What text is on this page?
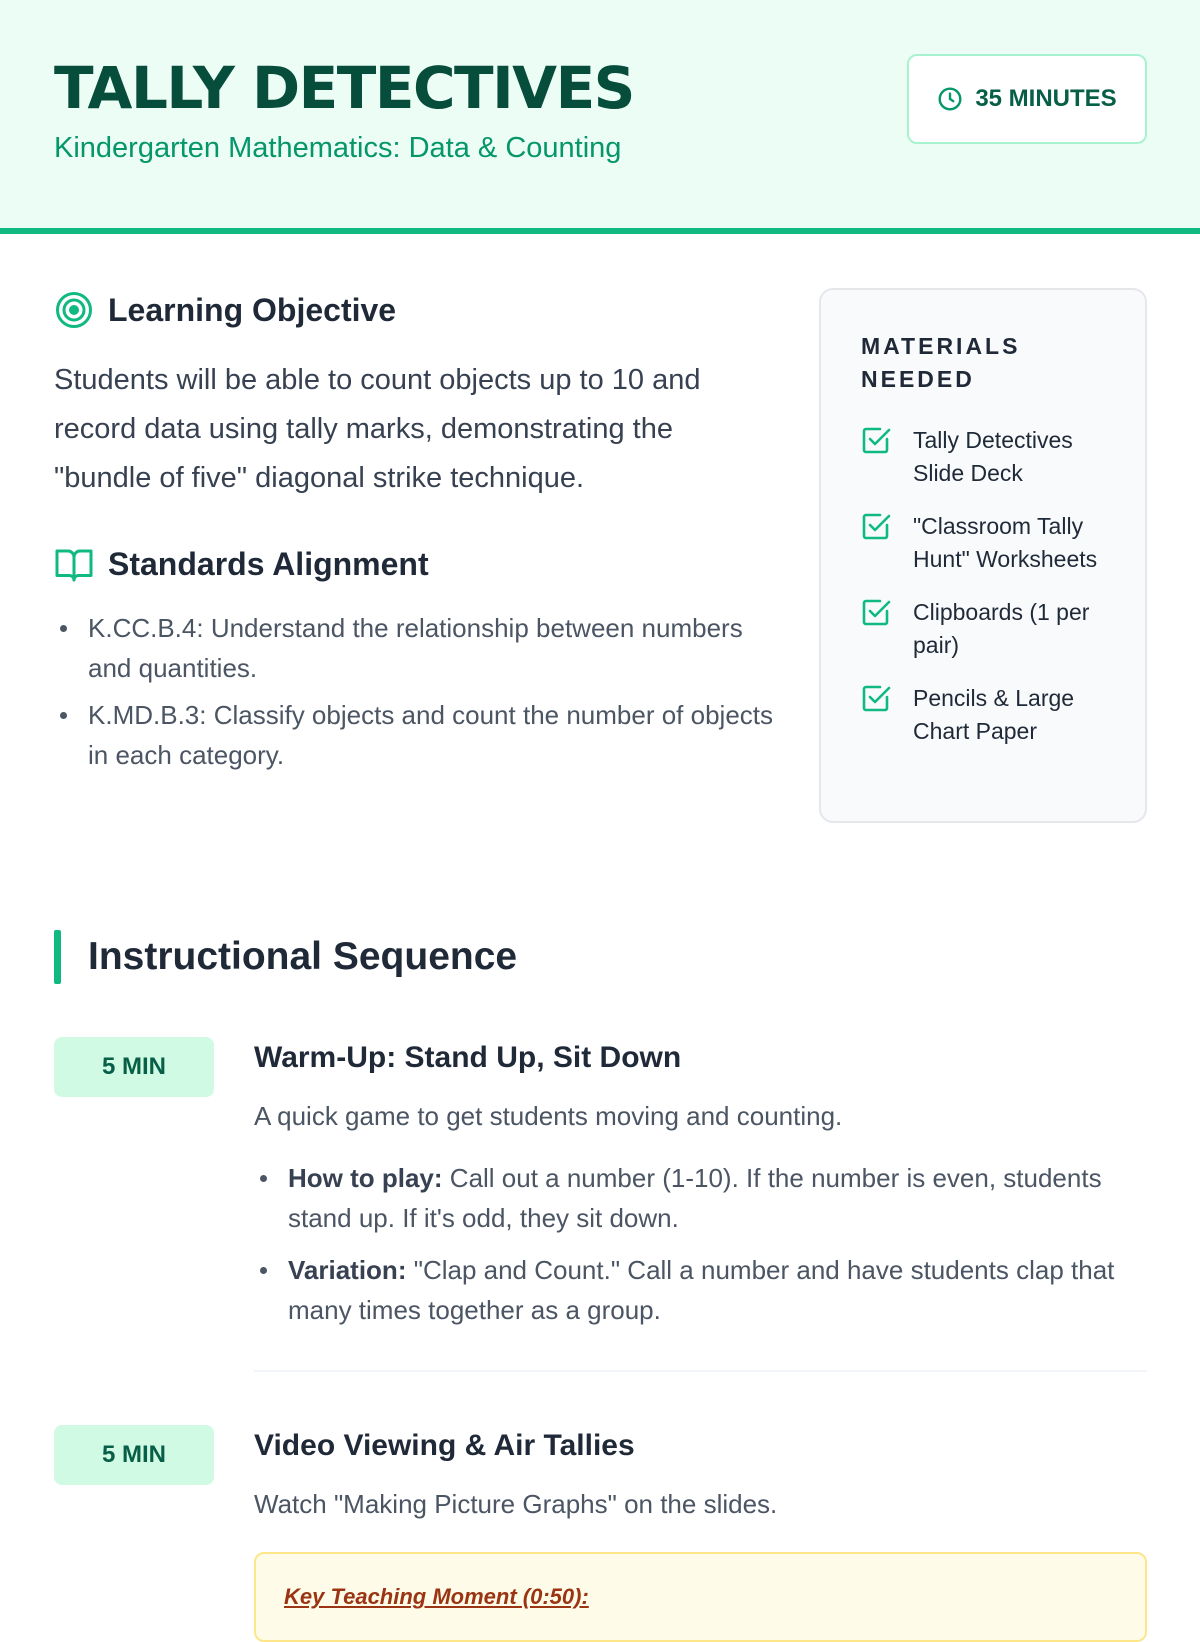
TALLY DETECTIVES
Kindergarten Mathematics: Data & Counting
35 MINUTES
Learning Objective
Students will be able to count objects up to 10 and record data using tally marks, demonstrating the "bundle of five" diagonal strike technique.
Standards Alignment
K.CC.B.4: Understand the relationship between numbers and quantities.
K.MD.B.3: Classify objects and count the number of objects in each category.
MATERIALS NEEDED
Tally Detectives Slide Deck
"Classroom Tally Hunt" Worksheets
Clipboards (1 per pair)
Pencils & Large Chart Paper
Instructional Sequence
5 MIN	Warm-Up: Stand Up, Sit Down
A quick game to get students moving and counting.
How to play: Call out a number (1-10). If the number is even, students stand up. If it's odd, they sit down.
Variation: "Clap and Count." Call a number and have students clap that many times together as a group.
5 MIN	Video Viewing & Air Tallies
Watch "Making Picture Graphs" on the slides.
Key Teaching Moment (0:50):
